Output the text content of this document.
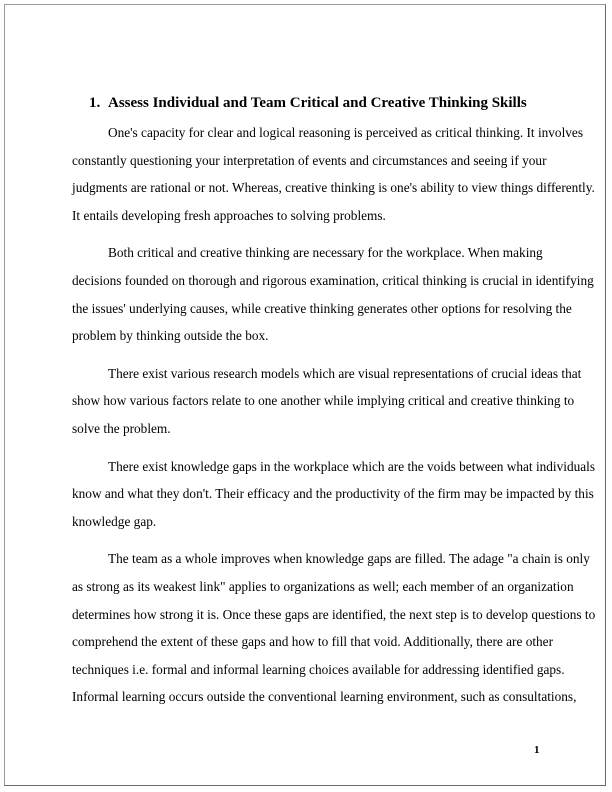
1. Assess Individual and Team Critical and Creative Thinking Skills
One's capacity for clear and logical reasoning is perceived as critical thinking. It involves
constantly questioning your interpretation of events and circumstances and seeing if your
judgments are rational or not. Whereas, creative thinking is one's ability to view things differently.
It entails developing fresh approaches to solving problems.
Both critical and creative thinking are necessary for the workplace. When making
decisions founded on thorough and rigorous examination, critical thinking is crucial in identifying
the issues' underlying causes, while creative thinking generates other options for resolving the
problem by thinking outside the box.
There exist various research models which are visual representations of crucial ideas that
show how various factors relate to one another while implying critical and creative thinking to
solve the problem.
There exist knowledge gaps in the workplace which are the voids between what individuals
know and what they don't. Their efficacy and the productivity of the firm may be impacted by this
knowledge gap.
The team as a whole improves when knowledge gaps are filled. The adage "a chain is only
as strong as its weakest link" applies to organizations as well; each member of an organization
determines how strong it is. Once these gaps are identified, the next step is to develop questions to
comprehend the extent of these gaps and how to fill that void. Additionally, there are other
techniques i.e. formal and informal learning choices available for addressing identified gaps.
Informal learning occurs outside the conventional learning environment, such as consultations,
1
